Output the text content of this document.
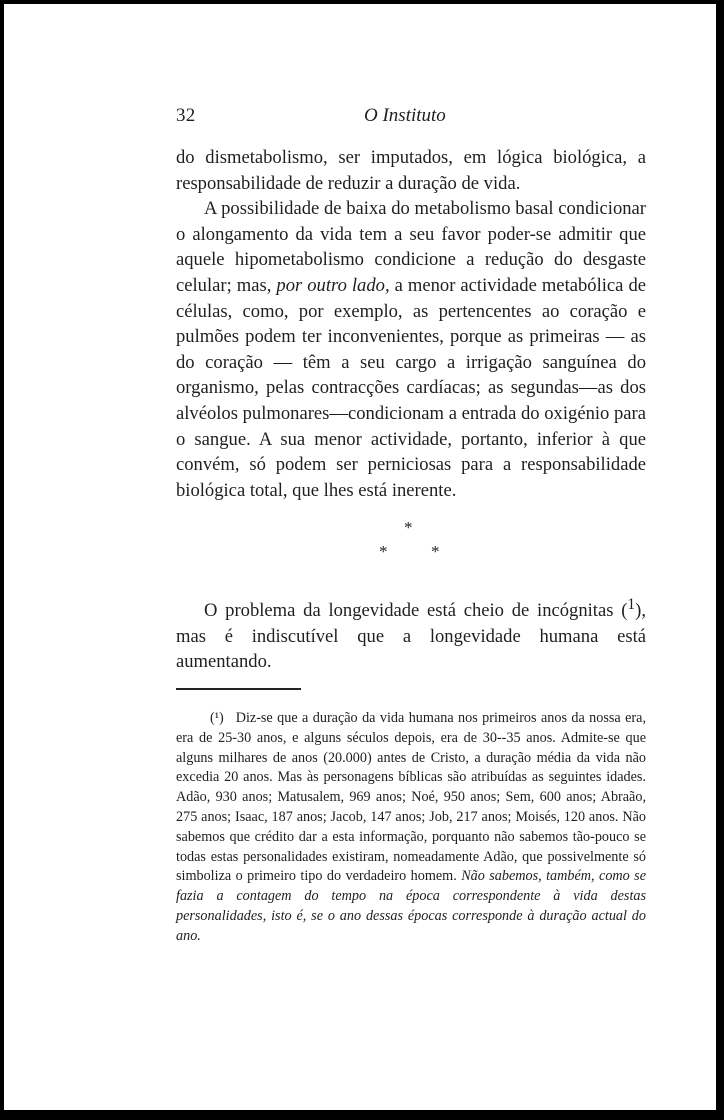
32	O Instituto

do dismetabolismo, ser imputados, em lógica biológica, a responsabilidade de reduzir a duração de vida.

A possibilidade de baixa do metabolismo basal condicionar o alongamento da vida tem a seu favor poder-se admitir que aquele hipometabolismo condicione a redução do desgaste celular; mas, por outro lado, a menor actividade metabólica de células, como, por exemplo, as pertencentes ao coração e pulmões podem ter inconvenientes, porque as primeiras — as do coração — têm a seu cargo a irrigação sanguínea do organismo, pelas contracções cardíacas; as segundas—as dos alvéolos pulmonares—condicionam a entrada do oxigénio para o sangue. A sua menor actividade, portanto, inferior à que convém, só podem ser perniciosas para a responsabilidade biológica total, que lhes está inerente.

*
*	*

O problema da longevidade está cheio de incógnitas ($^1$), mas é indiscutível que a longevidade humana está aumentando.

(¹) Diz-se que a duração da vida humana nos primeiros anos da nossa era, era de 25-30 anos, e alguns séculos depois, era de 30--35 anos. Admite-se que alguns milhares de anos (20.000) antes de Cristo, a duração média da vida não excedia 20 anos. Mas às personagens bíblicas são atribuídas as seguintes idades. Adão, 930 anos; Matusalem, 969 anos; Noé, 950 anos; Sem, 600 anos; Abraão, 275 anos; Isaac, 187 anos; Jacob, 147 anos; Job, 217 anos; Moisés, 120 anos. Não sabemos que crédito dar a esta informação, porquanto não sabemos tão-pouco se todas estas personalidades existiram, nomeadamente Adão, que possivelmente só simboliza o primeiro tipo do verdadeiro homem. Não sabemos, também, como se fazia a contagem do tempo na época correspondente à vida destas personalidades, isto é, se o ano dessas épocas corresponde à duração actual do ano.
